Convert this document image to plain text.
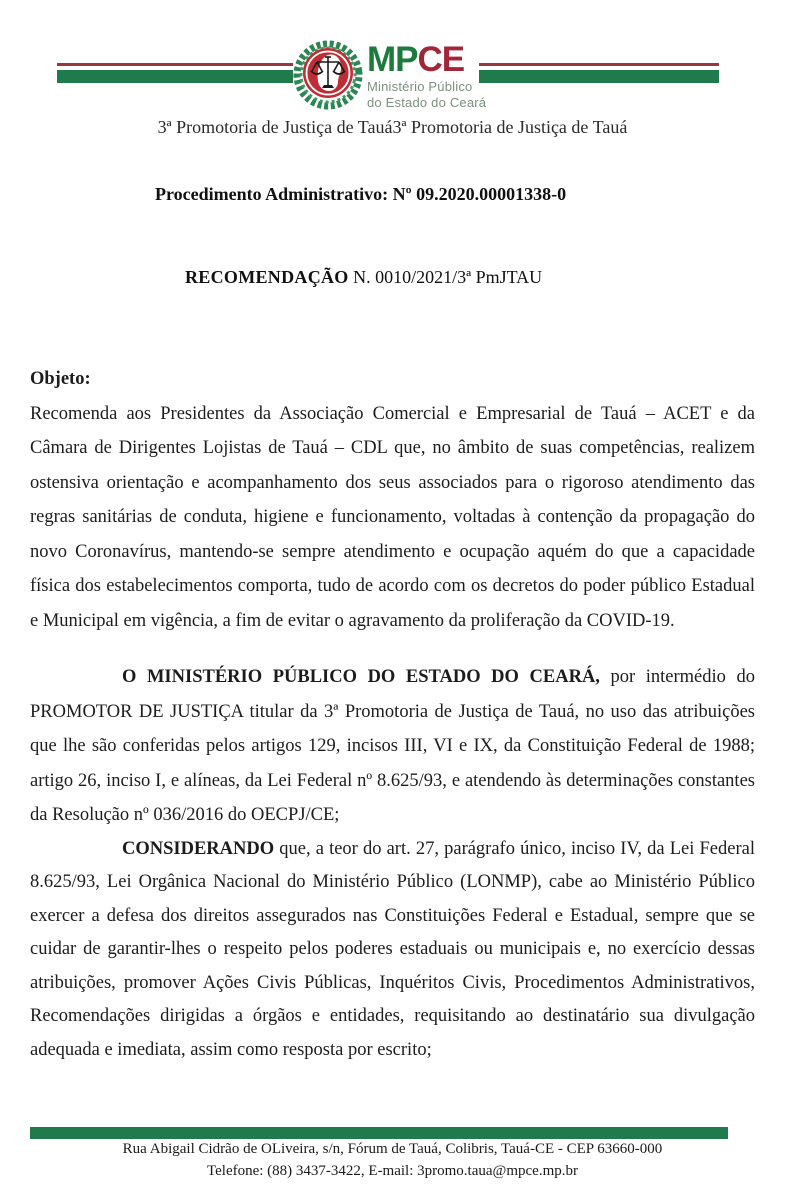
MPCE
Ministério Público
do Estado do Ceará
3ª Promotoria de Justiça de Tauá3ª Promotoria de Justiça de Tauá
Procedimento Administrativo: Nº 09.2020.00001338-0
RECOMENDAÇÃO N. 0010/2021/3ª PmJTAU
Objeto:

Recomenda aos Presidentes da Associação Comercial e Empresarial de Tauá – ACET e da Câmara de Dirigentes Lojistas de Tauá – CDL que, no âmbito de suas competências, realizem ostensiva orientação e acompanhamento dos seus associados para o rigoroso atendimento das regras sanitárias de conduta, higiene e funcionamento, voltadas à contenção da propagação do novo Coronavírus, mantendo-se sempre atendimento e ocupação aquém do que a capacidade física dos estabelecimentos comporta, tudo de acordo com os decretos do poder público Estadual e Municipal em vigência, a fim de evitar o agravamento da proliferação da COVID-19.

O MINISTÉRIO PÚBLICO DO ESTADO DO CEARÁ, por intermédio do PROMOTOR DE JUSTIÇA titular da 3ª Promotoria de Justiça de Tauá, no uso das atribuições que lhe são conferidas pelos artigos 129, incisos III, VI e IX, da Constituição Federal de 1988; artigo 26, inciso I, e alíneas, da Lei Federal nº 8.625/93, e atendendo às determinações constantes da Resolução nº 036/2016 do OECPJ/CE;

CONSIDERANDO que, a teor do art. 27, parágrafo único, inciso IV, da Lei Federal 8.625/93, Lei Orgânica Nacional do Ministério Público (LONMP), cabe ao Ministério Público exercer a defesa dos direitos assegurados nas Constituições Federal e Estadual, sempre que se cuidar de garantir-lhes o respeito pelos poderes estaduais ou municipais e, no exercício dessas atribuições, promover Ações Civis Públicas, Inquéritos Civis, Procedimentos Administrativos, Recomendações dirigidas a órgãos e entidades, requisitando ao destinatário sua divulgação adequada e imediata, assim como resposta por escrito;

Rua Abigail Cidrão de OLiveira, s/n, Fórum de Tauá, Colibris, Tauá-CE - CEP 63660-000
Telefone: (88) 3437-3422, E-mail: 3promo.taua@mpce.mp.br
